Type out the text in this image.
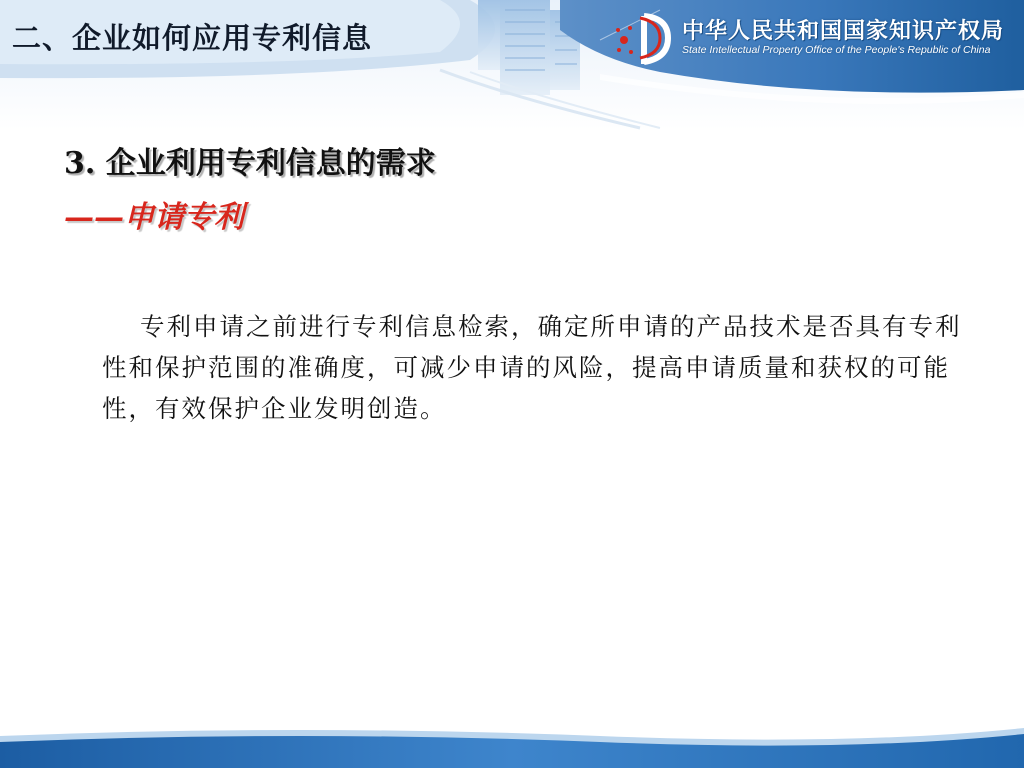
二、企业如何应用专利信息	中华人民共和国国家知识产权局
State Intellectual Property Office of the People's Republic of China
3. 企业利用专利信息的需求
——申请专利
专利申请之前进行专利信息检索，确定所申请的产品技术是否具有专利性和保护范围的准确度，可减少申请的风险，提高申请质量和获权的可能性，有效保护企业发明创造。
